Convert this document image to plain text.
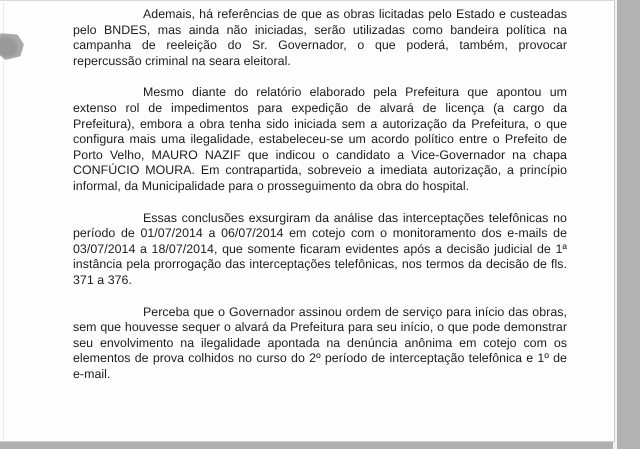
Ademais, há referências de que as obras licitadas pelo Estado e custeadas pelo BNDES, mas ainda não iniciadas, serão utilizadas como bandeira política na campanha de reeleição do Sr. Governador, o que poderá, também, provocar repercussão criminal na seara eleitoral.

Mesmo diante do relatório elaborado pela Prefeitura que apontou um extenso rol de impedimentos para expedição de alvará de licença (a cargo da Prefeitura), embora a obra tenha sido iniciada sem a autorização da Prefeitura, o que configura mais uma ilegalidade, estabeleceu-se um acordo político entre o Prefeito de Porto Velho, MAURO NAZIF que indicou o candidato a Vice-Governador na chapa CONFÚCIO MOURA. Em contrapartida, sobreveio a imediata autorização, a princípio informal, da Municipalidade para o prosseguimento da obra do hospital.

Essas conclusões exsurgiram da análise das interceptações telefônicas no período de 01/07/2014 a 06/07/2014 em cotejo com o monitoramento dos e-mails de 03/07/2014 a 18/07/2014, que somente ficaram evidentes após a decisão judicial de 1ª instância pela prorrogação das interceptações telefônicas, nos termos da decisão de fls. 371 a 376.

Perceba que o Governador assinou ordem de serviço para início das obras, sem que houvesse sequer o alvará da Prefeitura para seu início, o que pode demonstrar seu envolvimento na ilegalidade apontada na denúncia anônima em cotejo com os elementos de prova colhidos no curso do 2º período de interceptação telefônica e 1º de e-mail.
